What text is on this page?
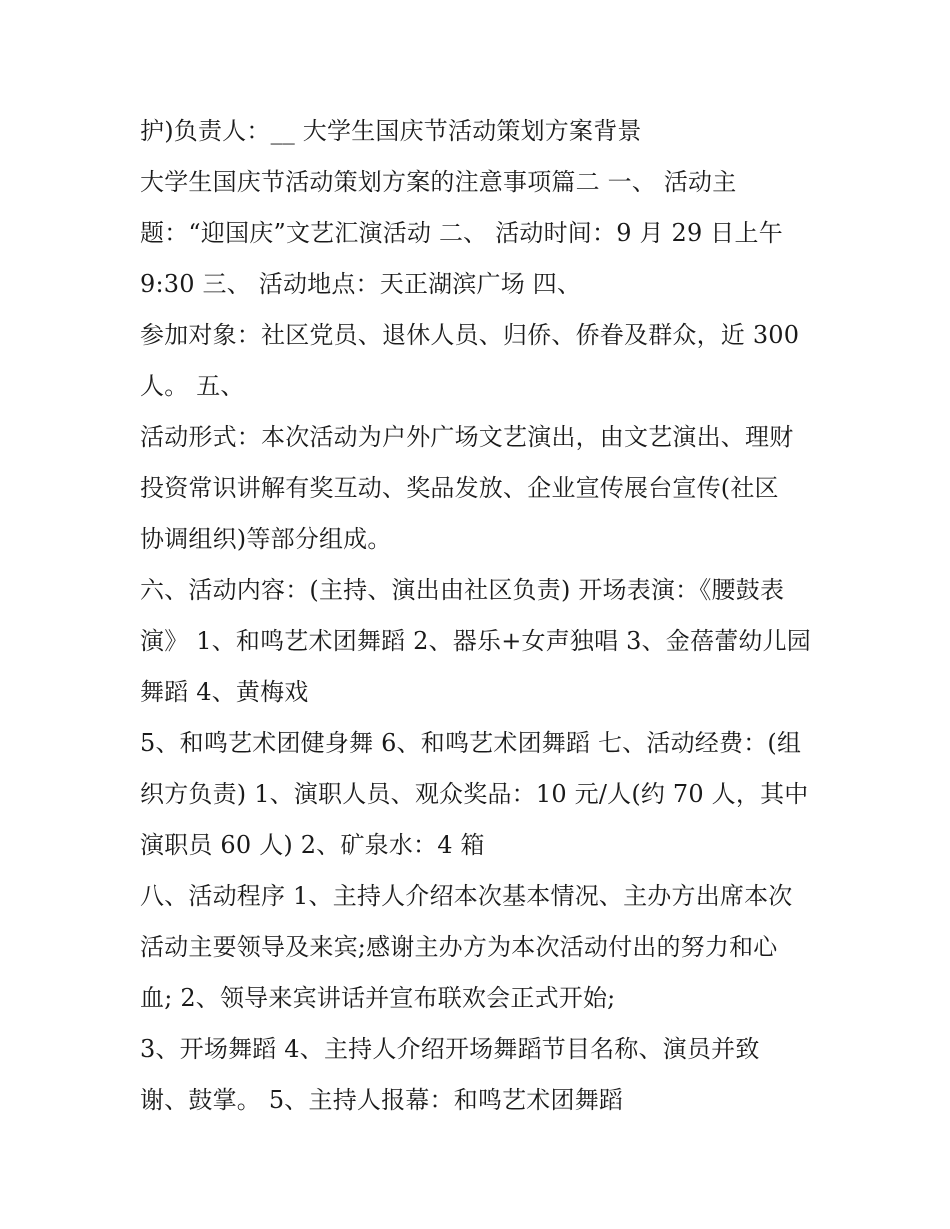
护)负责人：__ 大学生国庆节活动策划方案背景
大学生国庆节活动策划方案的注意事项篇二 一、 活动主
题：“迎国庆”文艺汇演活动 二、 活动时间：9 月 29 日上午
9:30 三、 活动地点：天正湖滨广场 四、
参加对象：社区党员、退休人员、归侨、侨眷及群众，近 300
人。 五、
活动形式：本次活动为户外广场文艺演出，由文艺演出、理财
投资常识讲解有奖互动、奖品发放、企业宣传展台宣传(社区
协调组织)等部分组成。
六、活动内容：(主持、演出由社区负责) 开场表演：《腰鼓表
演》 1、和鸣艺术团舞蹈 2、器乐+女声独唱 3、金蓓蕾幼儿园
舞蹈 4、黄梅戏
5、和鸣艺术团健身舞 6、和鸣艺术团舞蹈 七、活动经费：(组
织方负责) 1、演职人员、观众奖品：10 元/人(约 70 人，其中
演职员 60 人) 2、矿泉水：4 箱
八、活动程序 1、主持人介绍本次基本情况、主办方出席本次
活动主要领导及来宾;感谢主办方为本次活动付出的努力和心
血; 2、领导来宾讲话并宣布联欢会正式开始;
3、开场舞蹈 4、主持人介绍开场舞蹈节目名称、演员并致
谢、鼓掌。 5、主持人报幕：和鸣艺术团舞蹈
